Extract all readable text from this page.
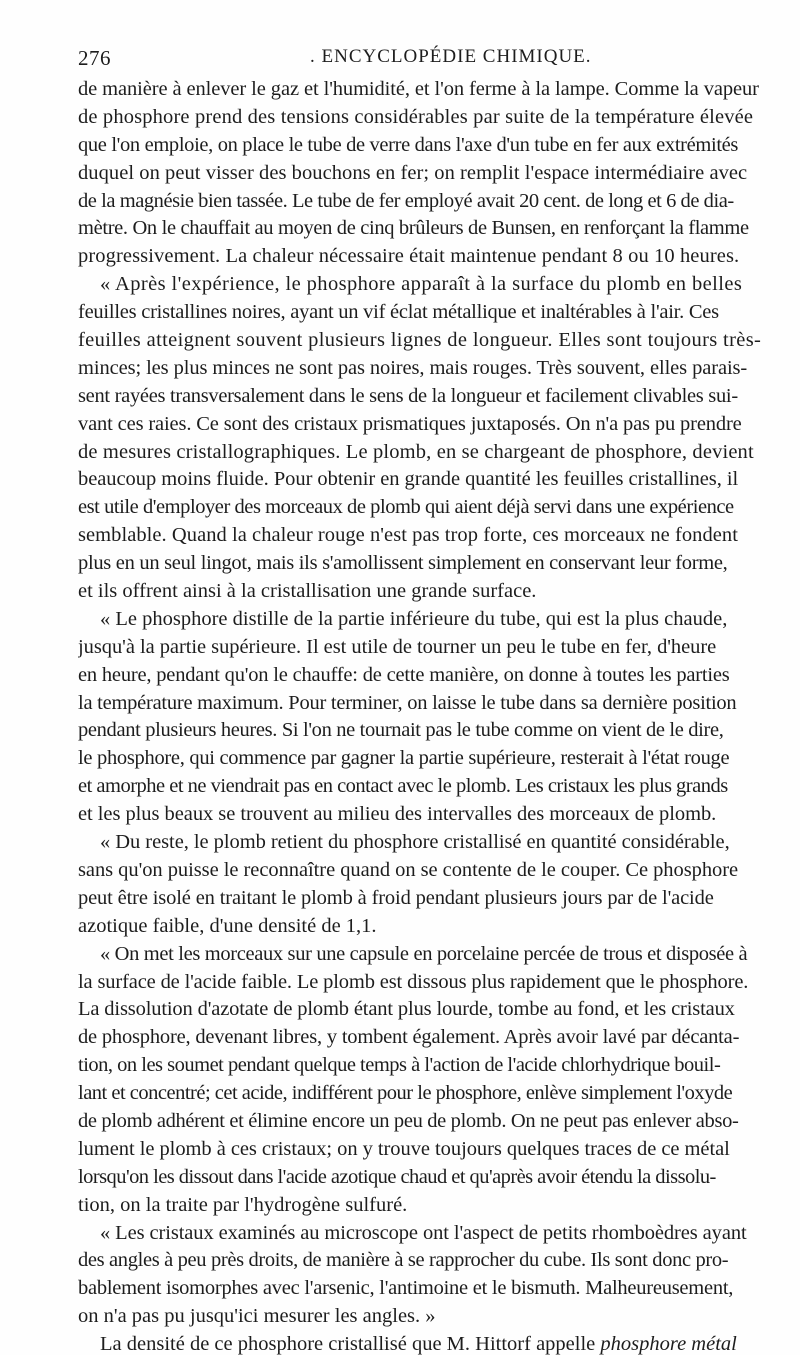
276	. ENCYCLOPÉDIE CHIMIQUE.
de manière à enlever le gaz et l'humidité, et l'on ferme à la lampe. Comme la vapeur
de phosphore prend des tensions considérables par suite de la température élevée
que l'on emploie, on place le tube de verre dans l'axe d'un tube en fer aux extrémités
duquel on peut visser des bouchons en fer; on remplit l'espace intermédiaire avec
de la magnésie bien tassée. Le tube de fer employé avait 20 cent. de long et 6 de dia-
mètre. On le chauffait au moyen de cinq brûleurs de Bunsen, en renforçant la flamme
progressivement. La chaleur nécessaire était maintenue pendant 8 ou 10 heures.
« Après l'expérience, le phosphore apparaît à la surface du plomb en belles
feuilles cristallines noires, ayant un vif éclat métallique et inaltérables à l'air. Ces
feuilles atteignent souvent plusieurs lignes de longueur. Elles sont toujours très-
minces; les plus minces ne sont pas noires, mais rouges. Très souvent, elles parais-
sent rayées transversalement dans le sens de la longueur et facilement clivables sui-
vant ces raies. Ce sont des cristaux prismatiques juxtaposés. On n'a pas pu prendre
de mesures cristallographiques. Le plomb, en se chargeant de phosphore, devient
beaucoup moins fluide. Pour obtenir en grande quantité les feuilles cristallines, il
est utile d'employer des morceaux de plomb qui aient déjà servi dans une expérience
semblable. Quand la chaleur rouge n'est pas trop forte, ces morceaux ne fondent
plus en un seul lingot, mais ils s'amollissent simplement en conservant leur forme,
et ils offrent ainsi à la cristallisation une grande surface.
« Le phosphore distille de la partie inférieure du tube, qui est la plus chaude,
jusqu'à la partie supérieure. Il est utile de tourner un peu le tube en fer, d'heure
en heure, pendant qu'on le chauffe: de cette manière, on donne à toutes les parties
la température maximum. Pour terminer, on laisse le tube dans sa dernière position
pendant plusieurs heures. Si l'on ne tournait pas le tube comme on vient de le dire,
le phosphore, qui commence par gagner la partie supérieure, resterait à l'état rouge
et amorphe et ne viendrait pas en contact avec le plomb. Les cristaux les plus grands
et les plus beaux se trouvent au milieu des intervalles des morceaux de plomb.
« Du reste, le plomb retient du phosphore cristallisé en quantité considérable,
sans qu'on puisse le reconnaître quand on se contente de le couper. Ce phosphore
peut être isolé en traitant le plomb à froid pendant plusieurs jours par de l'acide
azotique faible, d'une densité de 1,1.
« On met les morceaux sur une capsule en porcelaine percée de trous et disposée à
la surface de l'acide faible. Le plomb est dissous plus rapidement que le phosphore.
La dissolution d'azotate de plomb étant plus lourde, tombe au fond, et les cristaux
de phosphore, devenant libres, y tombent également. Après avoir lavé par décanta-
tion, on les soumet pendant quelque temps à l'action de l'acide chlorhydrique bouil-
lant et concentré; cet acide, indifférent pour le phosphore, enlève simplement l'oxyde
de plomb adhérent et élimine encore un peu de plomb. On ne peut pas enlever abso-
lument le plomb à ces cristaux; on y trouve toujours quelques traces de ce métal
lorsqu'on les dissout dans l'acide azotique chaud et qu'après avoir étendu la dissolu-
tion, on la traite par l'hydrogène sulfuré.
« Les cristaux examinés au microscope ont l'aspect de petits rhomboèdres ayant
des angles à peu près droits, de manière à se rapprocher du cube. Ils sont donc pro-
bablement isomorphes avec l'arsenic, l'antimoine et le bismuth. Malheureusement,
on n'a pas pu jusqu'ici mesurer les angles. »
La densité de ce phosphore cristallisé que M. Hittorf appelle phosphore métal
